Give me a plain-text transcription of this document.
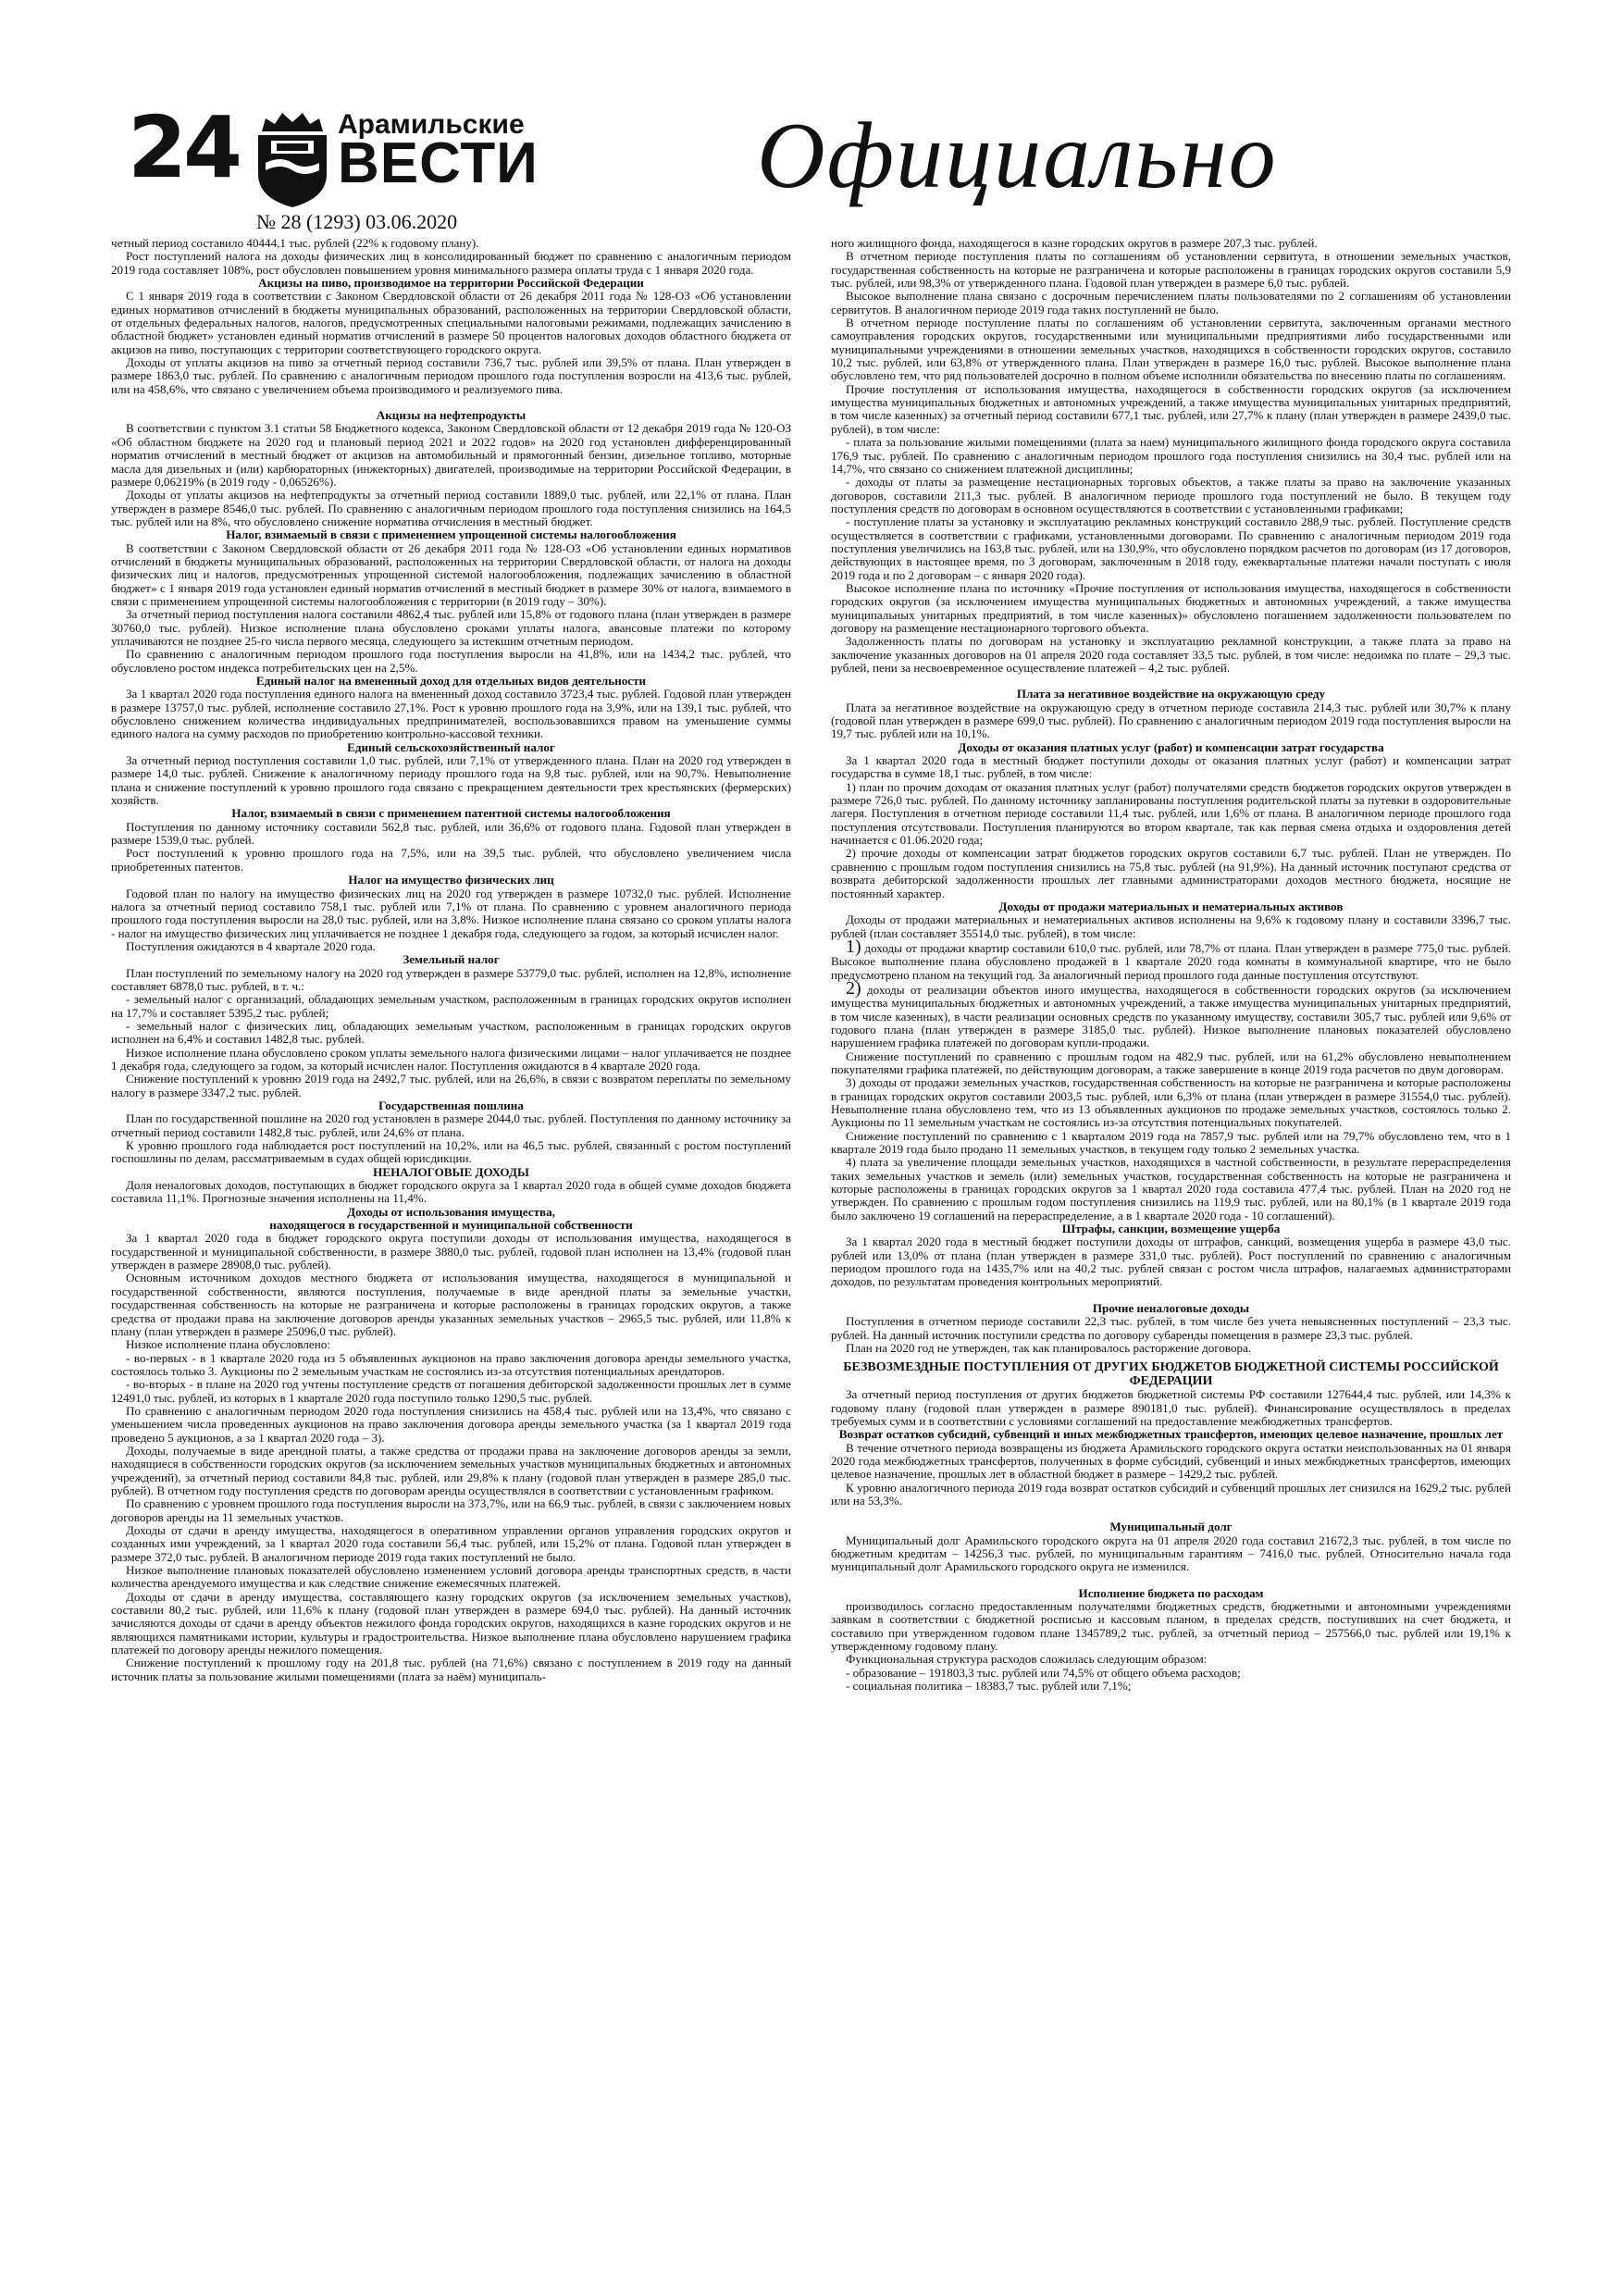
24	Арамильские
ВЕСТИ
№ 28 (1293) 03.06.2020
Официально

четный период составило 40444,1 тыс. рублей (22% к годовому плану).

Рост поступлений налога на доходы физических лиц в консолидированный бюджет по сравнению с аналогичным периодом 2019 года составляет 108%, рост обусловлен повышением уровня минимального размера оплаты труда с 1 января 2020 года.

Акцизы на пиво, производимое на территории Российской Федерации

С 1 января 2019 года в соответствии с Законом Свердловской области от 26 декабря 2011 года № 128-ОЗ «Об установлении единых нормативов отчислений в бюджеты муниципальных образований, расположенных на территории Свердловской области, от отдельных федеральных налогов, налогов, предусмотренных специальными налоговыми режимами, подлежащих зачислению в областной бюджет» установлен единый норматив отчислений в размере 50 процентов налоговых доходов областного бюджета от акцизов на пиво, поступающих с территории соответствующего городского округа.

Доходы от уплаты акцизов на пиво за отчетный период составили 736,7 тыс. рублей или 39,5% от плана. План утвержден в размере 1863,0 тыс. рублей. По сравнению с аналогичным периодом прошлого года поступления возросли на 413,6 тыс. рублей, или на 458,6%, что связано с увеличением объема производимого и реализуемого пива.

Акцизы на нефтепродукты

В соответствии с пунктом 3.1 статьи 58 Бюджетного кодекса, Законом Свердловской области от 12 декабря 2019 года № 120-ОЗ «Об областном бюджете на 2020 год и плановый период 2021 и 2022 годов» на 2020 год установлен дифференцированный норматив отчислений в местный бюджет от акцизов на автомобильный и прямогонный бензин, дизельное топливо, моторные масла для дизельных и (или) карбюраторных (инжекторных) двигателей, производимые на территории Российской Федерации, в размере 0,06219% (в 2019 году - 0,06526%).

Доходы от уплаты акцизов на нефтепродукты за отчетный период составили 1889,0 тыс. рублей, или 22,1% от плана. План утвержден в размере 8546,0 тыс. рублей. По сравнению с аналогичным периодом прошлого года поступления снизились на 164,5 тыс. рублей или на 8%, что обусловлено снижение норматива отчисления в местный бюджет.

Налог, взимаемый в связи с применением упрощенной системы налогообложения

В соответствии с Законом Свердловской области от 26 декабря 2011 года № 128-ОЗ «Об установлении единых нормативов отчислений в бюджеты муниципальных образований, расположенных на территории Свердловской области, от налога на доходы физических лиц и налогов, предусмотренных упрощенной системой налогообложения, подлежащих зачислению в областной бюджет» с 1 января 2019 года установлен единый норматив отчислений в местный бюджет в размере 30% от налога, взимаемого в связи с применением упрощенной системы налогообложения с территории (в 2019 году – 30%).

За отчетный период поступления налога составили 4862,4 тыс. рублей или 15,8% от годового плана (план утвержден в размере 30760,0 тыс. рублей). Низкое исполнение плана обусловлено сроками уплаты налога, авансовые платежи по которому уплачиваются не позднее 25-го числа первого месяца, следующего за истекшим отчетным периодом.

По сравнению с аналогичным периодом прошлого года поступления выросли на 41,8%, или на 1434,2 тыс. рублей, что обусловлено ростом индекса потребительских цен на 2,5%.

Единый налог на вмененный доход для отдельных видов деятельности

За 1 квартал 2020 года поступления единого налога на вмененный доход составило 3723,4 тыс. рублей. Годовой план утвержден в размере 13757,0 тыс. рублей, исполнение составило 27,1%. Рост к уровню прошлого года на 3,9%, или на 139,1 тыс. рублей, что обусловлено снижением количества индивидуальных предпринимателей, воспользовавшихся правом на уменьшение суммы единого налога на сумму расходов по приобретению контрольно-кассовой техники.

Единый сельскохозяйственный налог

За отчетный период поступления составили 1,0 тыс. рублей, или 7,1% от утвержденного плана. План на 2020 год утвержден в размере 14,0 тыс. рублей. Снижение к аналогичному периоду прошлого года на 9,8 тыс. рублей, или на 90,7%. Невыполнение плана и снижение поступлений к уровню прошлого года связано с прекращением деятельности трех крестьянских (фермерских) хозяйств.

Налог, взимаемый в связи с применением патентной системы налогообложения

Поступления по данному источнику составили 562,8 тыс. рублей, или 36,6% от годового плана. Годовой план утвержден в размере 1539,0 тыс. рублей.

Рост поступлений к уровню прошлого года на 7,5%, или на 39,5 тыс. рублей, что обусловлено увеличением числа приобретенных патентов.

Налог на имущество физических лиц

Годовой план по налогу на имущество физических лиц на 2020 год утвержден в размере 10732,0 тыс. рублей. Исполнение налога за отчетный период составило 758,1 тыс. рублей или 7,1% от плана. По сравнению с уровнем аналогичного периода прошлого года поступления выросли на 28,0 тыс. рублей, или на 3,8%. Низкое исполнение плана связано со сроком уплаты налога - налог на имущество физических лиц уплачивается не позднее 1 декабря года, следующего за годом, за который исчислен налог.

Поступления ожидаются в 4 квартале 2020 года.

Земельный налог

План поступлений по земельному налогу на 2020 год утвержден в размере 53779,0 тыс. рублей, исполнен на 12,8%, исполнение составляет 6878,0 тыс. рублей, в т. ч.:

- земельный налог с организаций, обладающих земельным участком, расположенным в границах городских округов исполнен на 17,7% и составляет 5395,2 тыс. рублей;

- земельный налог с физических лиц, обладающих земельным участком, расположенным в границах городских округов исполнен на 6,4% и составил 1482,8 тыс. рублей.

Низкое исполнение плана обусловлено сроком уплаты земельного налога физическими лицами – налог уплачивается не позднее 1 декабря года, следующего за годом, за который исчислен налог. Поступления ожидаются в 4 квартале 2020 года.

Снижение поступлений к уровню 2019 года на 2492,7 тыс. рублей, или на 26,6%, в связи с возвратом переплаты по земельному налогу в размере 3347,2 тыс. рублей.

Государственная пошлина

План по государственной пошлине на 2020 год установлен в размере 2044,0 тыс. рублей. Поступления по данному источнику за отчетный период составили 1482,8 тыс. рублей, или 24,6% от плана.

К уровню прошлого года наблюдается рост поступлений на 10,2%, или на 46,5 тыс. рублей, связанный с ростом поступлений госпошлины по делам, рассматриваемым в судах общей юрисдикции.

НЕНАЛОГОВЫЕ ДОХОДЫ

Доля неналоговых доходов, поступающих в бюджет городского округа за 1 квартал 2020 года в общей сумме доходов бюджета составила 11,1%. Прогнозные значения исполнены на 11,4%.

Доходы от использования имущества,
находящегося в государственной и муниципальной собственности

За 1 квартал 2020 года в бюджет городского округа поступили доходы от использования имущества, находящегося в государственной и муниципальной собственности, в размере 3880,0 тыс. рублей, годовой план исполнен на 13,4% (годовой план утвержден в размере 28908,0 тыс. рублей).

Основным источником доходов местного бюджета от использования имущества, находящегося в муниципальной и государственной собственности, являются поступления, получаемые в виде арендной платы за земельные участки, государственная собственность на которые не разграничена и которые расположены в границах городских округов, а также средства от продажи права на заключение договоров аренды указанных земельных участков – 2965,5 тыс. рублей, или 11,8% к плану (план утвержден в размере 25096,0 тыс. рублей).

Низкое исполнение плана обусловлено:

- во-первых - в 1 квартале 2020 года из 5 объявленных аукционов на право заключения договора аренды земельного участка, состоялось только 3. Аукционы по 2 земельным участкам не состоялись из-за отсутствия потенциальных арендаторов.

- во-вторых - в плане на 2020 год учтены поступление средств от погашения дебиторской задолженности прошлых лет в сумме 12491,0 тыс. рублей, из которых в 1 квартале 2020 года поступило только 1290,5 тыс. рублей.

По сравнению с аналогичным периодом 2020 года поступления снизились на 458,4 тыс. рублей или на 13,4%, что связано с уменьшением числа проведенных аукционов на право заключения договора аренды земельного участка (за 1 квартал 2019 года проведено 5 аукционов, а за 1 квартал 2020 года – 3).

Доходы, получаемые в виде арендной платы, а также средства от продажи права на заключение договоров аренды за земли, находящиеся в собственности городских округов (за исключением земельных участков муниципальных бюджетных и автономных учреждений), за отчетный период составили 84,8 тыс. рублей, или 29,8% к плану (годовой план утвержден в размере 285,0 тыс. рублей). В отчетном году поступления средств по договорам аренды осуществлялся в соответствии с установленным графиком.

По сравнению с уровнем прошлого года поступления выросли на 373,7%, или на 66,9 тыс. рублей, в связи с заключением новых договоров аренды на 11 земельных участков.

Доходы от сдачи в аренду имущества, находящегося в оперативном управлении органов управления городских округов и созданных ими учреждений, за 1 квартал 2020 года составили 56,4 тыс. рублей, или 15,2% от плана. Годовой план утвержден в размере 372,0 тыс. рублей. В аналогичном периоде 2019 года таких поступлений не было.

Низкое выполнение плановых показателей обусловлено изменением условий договора аренды транспортных средств, в части количества арендуемого имущества и как следствие снижение ежемесячных платежей.

Доходы от сдачи в аренду имущества, составляющего казну городских округов (за исключением земельных участков), составили 80,2 тыс. рублей, или 11,6% к плану (годовой план утвержден в размере 694,0 тыс. рублей). На данный источник зачисляются доходы от сдачи в аренду объектов нежилого фонда городских округов, находящихся в казне городских округов и не являющихся памятниками истории, культуры и градостроительства. Низкое выполнение плана обусловлено нарушением графика платежей по договору аренды нежилого помещения.

Снижение поступлений к прошлому году на 201,8 тыс. рублей (на 71,6%) связано с поступлением в 2019 году на данный источник платы за пользование жилыми помещениями (плата за наём) муниципаль-

ного жилищного фонда, находящегося в казне городских округов в размере 207,3 тыс. рублей.

В отчетном периоде поступления платы по соглашениям об установлении сервитута, в отношении земельных участков, государственная собственность на которые не разграничена и которые расположены в границах городских округов составили 5,9 тыс. рублей, или 98,3% от утвержденного плана. Годовой план утвержден в размере 6,0 тыс. рублей.

Высокое выполнение плана связано с досрочным перечислением платы пользователями по 2 соглашениям об установлении сервитутов. В аналогичном периоде 2019 года таких поступлений не было.

В отчетном периоде поступление платы по соглашениям об установлении сервитута, заключенным органами местного самоуправления городских округов, государственными или муниципальными предприятиями либо государственными или муниципальными учреждениями в отношении земельных участков, находящихся в собственности городских округов, составило 10,2 тыс. рублей, или 63,8% от утвержденного плана. План утвержден в размере 16,0 тыс. рублей. Высокое выполнение плана обусловлено тем, что ряд пользователей досрочно в полном объеме исполнили обязательства по внесению платы по соглашениям.

Прочие поступления от использования имущества, находящегося в собственности городских округов (за исключением имущества муниципальных бюджетных и автономных учреждений, а также имущества муниципальных унитарных предприятий, в том числе казенных) за отчетный период составили 677,1 тыс. рублей, или 27,7% к плану (план утвержден в размере 2439,0 тыс. рублей), в том числе:

- плата за пользование жилыми помещениями (плата за наем) муниципального жилищного фонда городского округа составила 176,9 тыс. рублей. По сравнению с аналогичным периодом прошлого года поступления снизились на 30,4 тыс. рублей или на 14,7%, что связано со снижением платежной дисциплины;

- доходы от платы за размещение нестационарных торговых объектов, а также платы за право на заключение указанных договоров, составили 211,3 тыс. рублей. В аналогичном периоде прошлого года поступлений не было. В текущем году поступления средств по договорам в основном осуществляются в соответствии с установленными графиками;

- поступление платы за установку и эксплуатацию рекламных конструкций составило 288,9 тыс. рублей. Поступление средств осуществляется в соответствии с графиками, установленными договорами. По сравнению с аналогичным периодом 2019 года поступления увеличились на 163,8 тыс. рублей, или на 130,9%, что обусловлено порядком расчетов по договорам (из 17 договоров, действующих в настоящее время, по 3 договорам, заключенным в 2018 году, ежеквартальные платежи начали поступать с июля 2019 года и по 2 договорам – с января 2020 года).

Высокое исполнение плана по источнику «Прочие поступления от использования имущества, находящегося в собственности городских округов (за исключением имущества муниципальных бюджетных и автономных учреждений, а также имущества муниципальных унитарных предприятий, в том числе казенных)» обусловлено погашением задолженности пользователем по договору на размещение нестационарного торгового объекта.

Задолженность платы по договорам на установку и эксплуатацию рекламной конструкции, а также плата за право на заключение указанных договоров на 01 апреля 2020 года составляет 33,5 тыс. рублей, в том числе: недоимка по плате – 29,3 тыс. рублей, пени за несвоевременное осуществление платежей – 4,2 тыс. рублей.

Плата за негативное воздействие на окружающую среду

Плата за негативное воздействие на окружающую среду в отчетном периоде составила 214,3 тыс. рублей или 30,7% к плану (годовой план утвержден в размере 699,0 тыс. рублей). По сравнению с аналогичным периодом 2019 года поступления выросли на 19,7 тыс. рублей или на 10,1%.

Доходы от оказания платных услуг (работ) и компенсации затрат государства

За 1 квартал 2020 года в местный бюджет поступили доходы от оказания платных услуг (работ) и компенсации затрат государства в сумме 18,1 тыс. рублей, в том числе:

1) план по прочим доходам от оказания платных услуг (работ) получателями средств бюджетов городских округов утвержден в размере 726,0 тыс. рублей. По данному источнику запланированы поступления родительской платы за путевки в оздоровительные лагеря. Поступления в отчетном периоде составили 11,4 тыс. рублей, или 1,6% от плана. В аналогичном периоде прошлого года поступления отсутствовали. Поступления планируются во втором квартале, так как первая смена отдыха и оздоровления детей начинается с 01.06.2020 года;

2) прочие доходы от компенсации затрат бюджетов городских округов составили 6,7 тыс. рублей. План не утвержден. По сравнению с прошлым годом поступления снизились на 75,8 тыс. рублей (на 91,9%). На данный источник поступают средства от возврата дебиторской задолженности прошлых лет главными администраторами доходов местного бюджета, носящие не постоянный характер.

Доходы от продажи материальных и нематериальных активов

Доходы от продажи материальных и нематериальных активов исполнены на 9,6% к годовому плану и составили 3396,7 тыс. рублей (план составляет 35514,0 тыс. рублей), в том числе:

1) доходы от продажи квартир составили 610,0 тыс. рублей, или 78,7% от плана. План утвержден в размере 775,0 тыс. рублей. Высокое выполнение плана обусловлено продажей в 1 квартале 2020 года комнаты в коммунальной квартире, что не было предусмотрено планом на текущий год. За аналогичный период прошлого года данные поступления отсутствуют.

2) доходы от реализации объектов иного имущества, находящегося в собственности городских округов (за исключением имущества муниципальных бюджетных и автономных учреждений, а также имущества муниципальных унитарных предприятий, в том числе казенных), в части реализации основных средств по указанному имуществу, составили 305,7 тыс. рублей или 9,6% от годового плана (план утвержден в размере 3185,0 тыс. рублей). Низкое выполнение плановых показателей обусловлено нарушением графика платежей по договорам купли-продажи.

Снижение поступлений по сравнению с прошлым годом на 482,9 тыс. рублей, или на 61,2% обусловлено невыполнением покупателями графика платежей, по действующим договорам, а также завершение в конце 2019 года расчетов по двум договорам.

3) доходы от продажи земельных участков, государственная собственность на которые не разграничена и которые расположены в границах городских округов составили 2003,5 тыс. рублей, или 6,3% от плана (план утвержден в размере 31554,0 тыс. рублей). Невыполнение плана обусловлено тем, что из 13 объявленных аукционов по продаже земельных участков, состоялось только 2. Аукционы по 11 земельным участкам не состоялись из-за отсутствия потенциальных покупателей.

Снижение поступлений по сравнению с 1 кварталом 2019 года на 7857,9 тыс. рублей или на 79,7% обусловлено тем, что в 1 квартале 2019 года было продано 11 земельных участков, в текущем году только 2 земельных участка.

4) плата за увеличение площади земельных участков, находящихся в частной собственности, в результате перераспределения таких земельных участков и земель (или) земельных участков, государственная собственность на которые не разграничена и которые расположены в границах городских округов за 1 квартал 2020 года составила 477,4 тыс. рублей. План на 2020 год не утвержден. По сравнению с прошлым годом поступления снизились на 119,9 тыс. рублей, или на 80,1% (в 1 квартале 2019 года было заключено 19 соглашений на перераспределение, а в 1 квартале 2020 года - 10 соглашений).

Штрафы, санкции, возмещение ущерба

За 1 квартал 2020 года в местный бюджет поступили доходы от штрафов, санкций, возмещения ущерба в размере 43,0 тыс. рублей или 13,0% от плана (план утвержден в размере 331,0 тыс. рублей). Рост поступлений по сравнению с аналогичным периодом прошлого года на 1435,7% или на 40,2 тыс. рублей связан с ростом числа штрафов, налагаемых администраторами доходов, по результатам проведения контрольных мероприятий.

Прочие неналоговые доходы

Поступления в отчетном периоде составили 22,3 тыс. рублей, в том числе без учета невыясненных поступлений – 23,3 тыс. рублей. На данный источник поступили средства по договору субаренды помещения в размере 23,3 тыс. рублей.

План на 2020 год не утвержден, так как планировалось расторжение договора.

БЕЗВОЗМЕЗДНЫЕ ПОСТУПЛЕНИЯ ОТ ДРУГИХ БЮДЖЕТОВ БЮДЖЕТНОЙ СИСТЕМЫ РОССИЙСКОЙ ФЕДЕРАЦИИ

За отчетный период поступления от других бюджетов бюджетной системы РФ составили 127644,4 тыс. рублей, или 14,3% к годовому плану (годовой план утвержден в размере 890181,0 тыс. рублей). Финансирование осуществлялось в пределах требуемых сумм и в соответствии с условиями соглашений на предоставление межбюджетных трансфертов.

Возврат остатков субсидий, субвенций и иных межбюджетных трансфертов, имеющих целевое назначение, прошлых лет

В течение отчетного периода возвращены из бюджета Арамильского городского округа остатки неиспользованных на 01 января 2020 года межбюджетных трансфертов, полученных в форме субсидий, субвенций и иных межбюджетных трансфертов, имеющих целевое назначение, прошлых лет в областной бюджет в размере – 1429,2 тыс. рублей.

К уровню аналогичного периода 2019 года возврат остатков субсидий и субвенций прошлых лет снизился на 1629,2 тыс. рублей или на 53,3%.

Муниципальный долг

Муниципальный долг Арамильского городского округа на 01 апреля 2020 года составил 21672,3 тыс. рублей, в том числе по бюджетным кредитам – 14256,3 тыс. рублей, по муниципальным гарантиям – 7416,0 тыс. рублей. Относительно начала года муниципальный долг Арамильского городского округа не изменился.

Исполнение бюджета по расходам

производилось согласно предоставленным получателями бюджетных средств, бюджетными и автономными учреждениями заявкам в соответствии с бюджетной росписью и кассовым планом, в пределах средств, поступивших на счет бюджета, и составило при утвержденном годовом плане 1345789,2 тыс. рублей, за отчетный период – 257566,0 тыс. рублей или 19,1% к утвержденному годовому плану.

Функциональная структура расходов сложилась следующим образом:

- образование – 191803,3 тыс. рублей или 74,5% от общего объема расходов;

- социальная политика – 18383,7 тыс. рублей или 7,1%;
